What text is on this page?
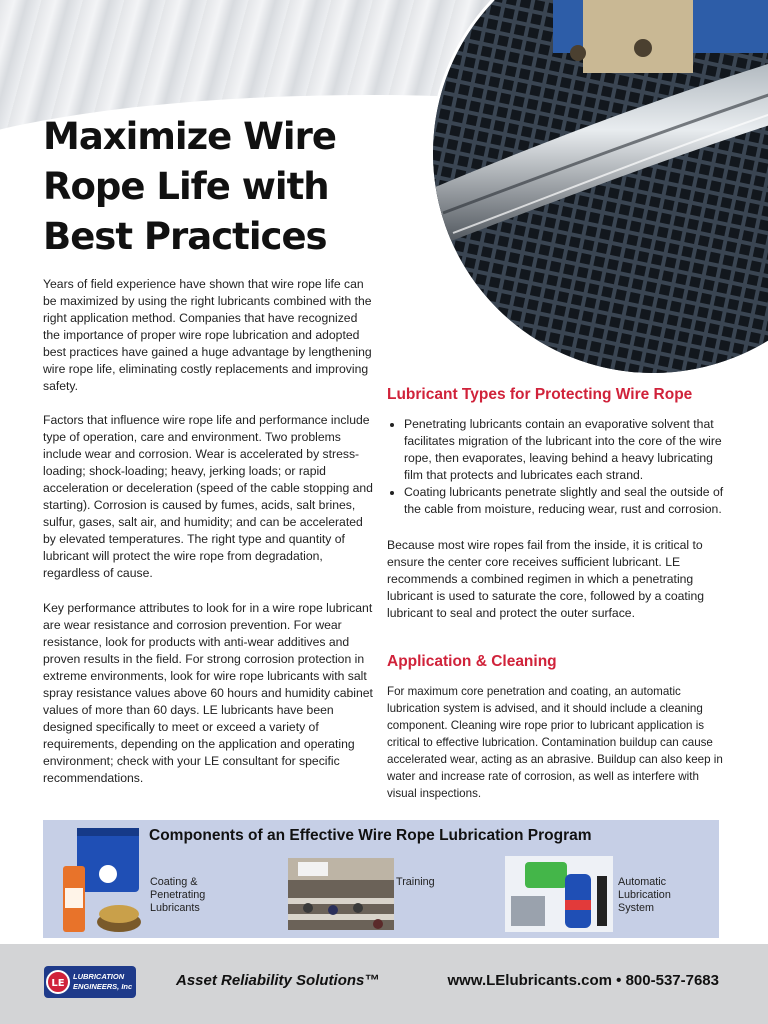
Maximize Wire Rope Life with Best Practices

Years of field experience have shown that wire rope life can be maximized by using the right lubricants combined with the right application method. Companies that have recognized the importance of proper wire rope lubrication and adopted best practices have gained a huge advantage by lengthening wire rope life, eliminating costly replacements and improving safety.

Factors that influence wire rope life and performance include type of operation, care and environment. Two problems include wear and corrosion. Wear is accelerated by stress-loading; shock-loading; heavy, jerking loads; or rapid acceleration or deceleration (speed of the cable stopping and starting). Corrosion is caused by fumes, acids, salt brines, sulfur, gases, salt air, and humidity; and can be accelerated by elevated temperatures. The right type and quantity of lubricant will protect the wire rope from degradation, regardless of cause.

Key performance attributes to look for in a wire rope lubricant are wear resistance and corrosion prevention. For wear resistance, look for products with anti-wear additives and proven results in the field. For strong corrosion protection in extreme environments, look for wire rope lubricants with salt spray resistance values above 60 hours and humidity cabinet values of more than 60 days. LE lubricants have been designed specifically to meet or exceed a variety of requirements, depending on the application and operating environment; check with your LE consultant for specific recommendations.

Lubricant Types for Protecting Wire Rope
• Penetrating lubricants contain an evaporative solvent that facilitates migration of the lubricant into the core of the wire rope, then evaporates, leaving behind a heavy lubricating film that protects and lubricates each strand.
• Coating lubricants penetrate slightly and seal the outside of the cable from moisture, reducing wear, rust and corrosion.

Because most wire ropes fail from the inside, it is critical to ensure the center core receives sufficient lubricant. LE recommends a combined regimen in which a penetrating lubricant is used to saturate the core, followed by a coating lubricant to seal and protect the outer surface.

Application & Cleaning

For maximum core penetration and coating, an automatic lubrication system is advised, and it should include a cleaning component. Cleaning wire rope prior to lubricant application is critical to effective lubrication. Contamination buildup can cause accelerated wear, acting as an abrasive. Buildup can also keep in water and increase rate of corrosion, as well as interfere with visual inspections.

Components of an Effective Wire Rope Lubrication Program
Coating &
Penetrating
Lubricants
Training	Automatic
Lubrication
System
LE
LUBRICATION
ENGINEERS, Inc	Asset Reliability Solutions™	www.LElubricants.com • 800-537-7683
